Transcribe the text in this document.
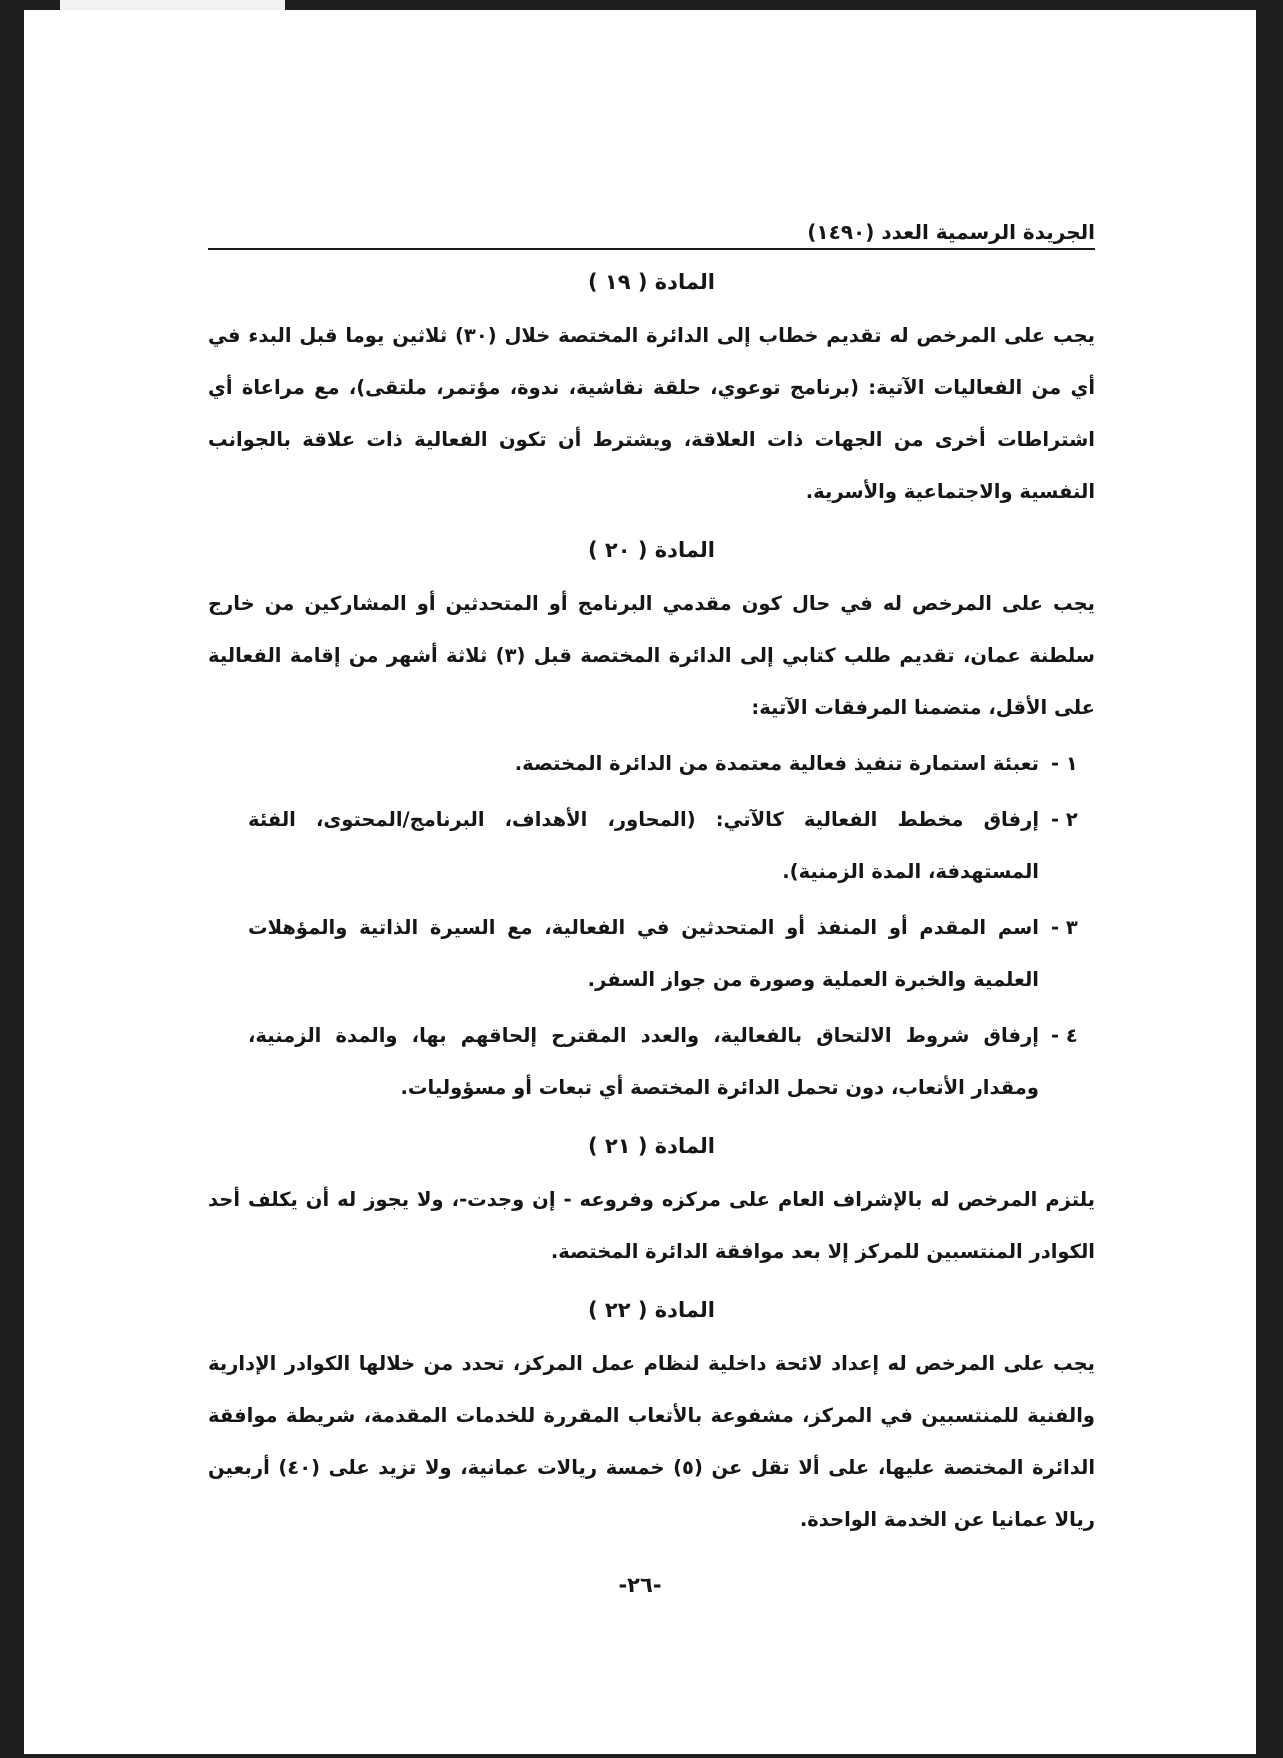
الجريدة الرسمية العدد (١٤٩٠)
المادة ( ١٩ )

يجب على المرخص له تقديم خطاب إلى الدائرة المختصة خلال (٣٠) ثلاثين يوما قبل البدء في أي من الفعاليات الآتية: (برنامج توعوي، حلقة نقاشية، ندوة، مؤتمر، ملتقى)، مع مراعاة أي اشتراطات أخرى من الجهات ذات العلاقة، ويشترط أن تكون الفعالية ذات علاقة بالجوانب النفسية والاجتماعية والأسرية.

المادة ( ٢٠ )

يجب على المرخص له في حال كون مقدمي البرنامج أو المتحدثين أو المشاركين من خارج سلطنة عمان، تقديم طلب كتابي إلى الدائرة المختصة قبل (٣) ثلاثة أشهر من إقامة الفعالية على الأقل، متضمنا المرفقات الآتية:

١ -
تعبئة استمارة تنفيذ فعالية معتمدة من الدائرة المختصة.
٢ -
إرفاق مخطط الفعالية كالآتي: (المحاور، الأهداف، البرنامج/المحتوى، الفئة المستهدفة، المدة الزمنية).
٣ -
اسم المقدم أو المنفذ أو المتحدثين في الفعالية، مع السيرة الذاتية والمؤهلات العلمية والخبرة العملية وصورة من جواز السفر.
٤ -
إرفاق شروط الالتحاق بالفعالية، والعدد المقترح إلحاقهم بها، والمدة الزمنية، ومقدار الأتعاب، دون تحمل الدائرة المختصة أي تبعات أو مسؤوليات.
المادة ( ٢١ )

يلتزم المرخص له بالإشراف العام على مركزه وفروعه - إن وجدت-، ولا يجوز له أن يكلف أحد الكوادر المنتسبين للمركز إلا بعد موافقة الدائرة المختصة.

المادة ( ٢٢ )

يجب على المرخص له إعداد لائحة داخلية لنظام عمل المركز، تحدد من خلالها الكوادر الإدارية والفنية للمنتسبين في المركز، مشفوعة بالأتعاب المقررة للخدمات المقدمة، شريطة موافقة الدائرة المختصة عليها، على ألا تقل عن (٥) خمسة ريالات عمانية، ولا تزيد على (٤٠) أربعين ريالا عمانيا عن الخدمة الواحدة.

-٢٦-
